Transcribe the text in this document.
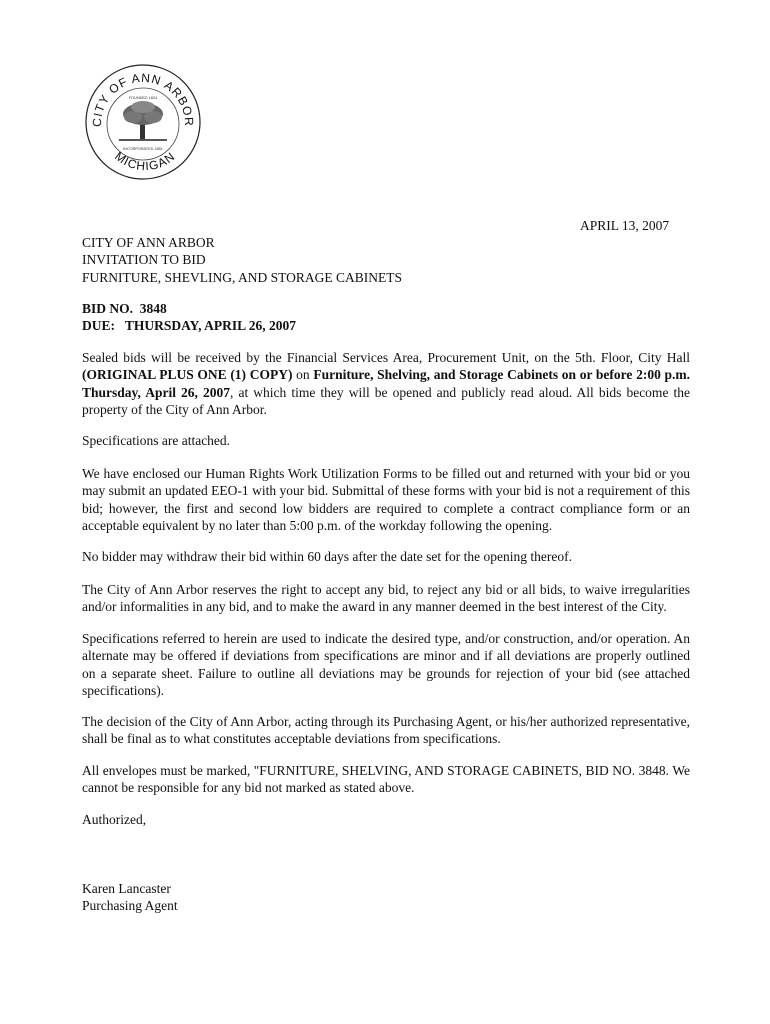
CITY OF ANN ARBOR
MICHIGAN
FOUNDED 1824
INCORPORATED 1851
APRIL 13, 2007
CITY OF ANN ARBOR
INVITATION TO BID
FURNITURE, SHEVLING, AND STORAGE CABINETS
BID NO.  3848
DUE:   THURSDAY, APRIL 26, 2007

Sealed bids will be received by the Financial Services Area, Procurement Unit, on the 5th. Floor, City Hall (ORIGINAL PLUS ONE (1) COPY) on Furniture, Shelving, and Storage Cabinets on or before 2:00 p.m. Thursday, April 26, 2007, at which time they will be opened and publicly read aloud. All bids become the property of the City of Ann Arbor.

Specifications are attached.

We have enclosed our Human Rights Work Utilization Forms to be filled out and returned with your bid or you may submit an updated EEO-1 with your bid. Submittal of these forms with your bid is not a requirement of this bid; however, the first and second low bidders are required to complete a contract compliance form or an acceptable equivalent by no later than 5:00 p.m. of the workday following the opening.

No bidder may withdraw their bid within 60 days after the date set for the opening thereof.

The City of Ann Arbor reserves the right to accept any bid, to reject any bid or all bids, to waive irregularities and/or informalities in any bid, and to make the award in any manner deemed in the best interest of the City.

Specifications referred to herein are used to indicate the desired type, and/or construction, and/or operation. An alternate may be offered if deviations from specifications are minor and if all deviations are properly outlined on a separate sheet. Failure to outline all deviations may be grounds for rejection of your bid (see attached specifications).

The decision of the City of Ann Arbor, acting through its Purchasing Agent, or his/her authorized representative, shall be final as to what constitutes acceptable deviations from specifications.

All envelopes must be marked, "FURNITURE, SHELVING, AND STORAGE CABINETS, BID NO. 3848. We cannot be responsible for any bid not marked as stated above.

Authorized,

Karen Lancaster
Purchasing Agent
